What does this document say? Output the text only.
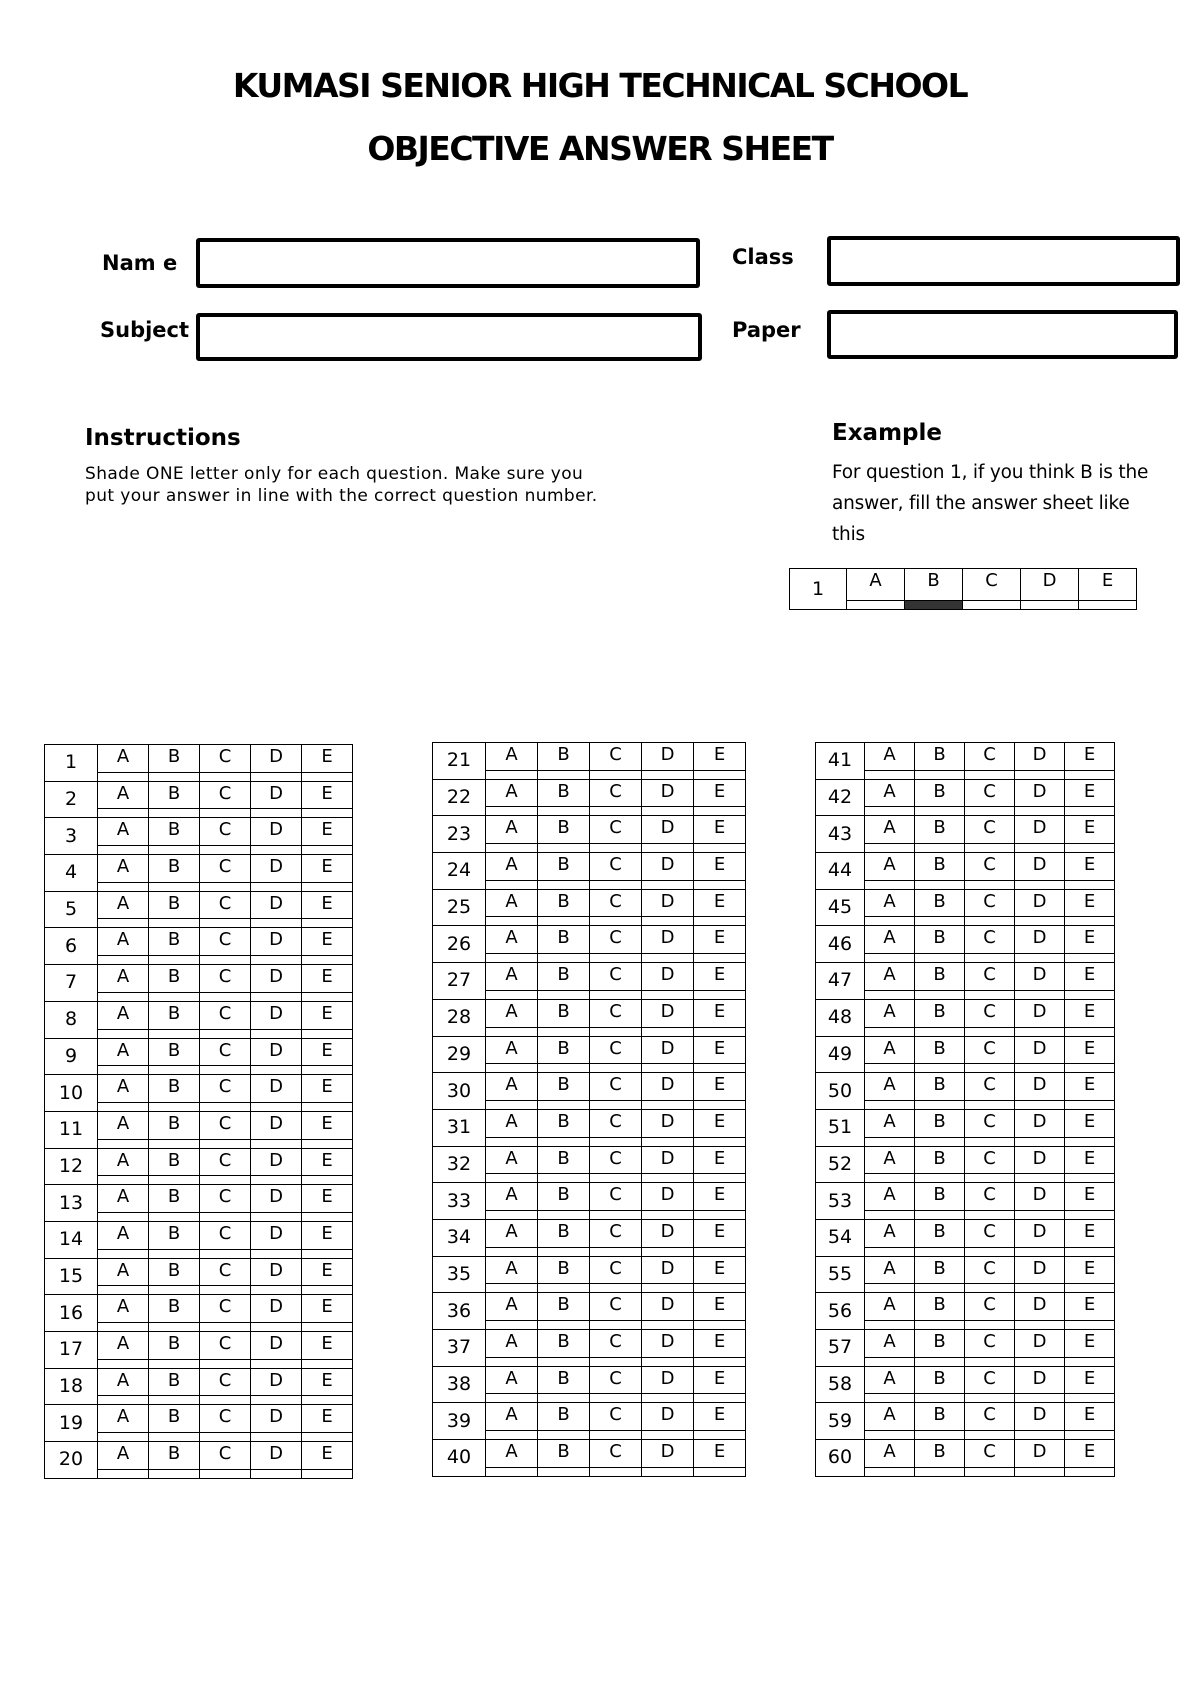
KUMASI SENIOR HIGH TECHNICAL SCHOOL
OBJECTIVE ANSWER SHEET
Nam e	Class
Subject	Paper
Instructions
Shade ONE letter only for each question. Make sure you put your answer in line with the correct question number.
Example
For question 1, if you think B is the answer, fill the answer sheet like this
1	A	B	C	D	E

1	A	B	C	D	E

2	A	B	C	D	E

3	A	B	C	D	E

4	A	B	C	D	E

5	A	B	C	D	E

6	A	B	C	D	E

7	A	B	C	D	E

8	A	B	C	D	E

9	A	B	C	D	E

10	A	B	C	D	E

11	A	B	C	D	E

12	A	B	C	D	E

13	A	B	C	D	E

14	A	B	C	D	E

15	A	B	C	D	E

16	A	B	C	D	E

17	A	B	C	D	E

18	A	B	C	D	E

19	A	B	C	D	E

20	A	B	C	D	E

21	A	B	C	D	E

22	A	B	C	D	E

23	A	B	C	D	E

24	A	B	C	D	E

25	A	B	C	D	E

26	A	B	C	D	E

27	A	B	C	D	E

28	A	B	C	D	E

29	A	B	C	D	E

30	A	B	C	D	E

31	A	B	C	D	E

32	A	B	C	D	E

33	A	B	C	D	E

34	A	B	C	D	E

35	A	B	C	D	E

36	A	B	C	D	E

37	A	B	C	D	E

38	A	B	C	D	E

39	A	B	C	D	E

40	A	B	C	D	E

41	A	B	C	D	E

42	A	B	C	D	E

43	A	B	C	D	E

44	A	B	C	D	E

45	A	B	C	D	E

46	A	B	C	D	E

47	A	B	C	D	E

48	A	B	C	D	E

49	A	B	C	D	E

50	A	B	C	D	E

51	A	B	C	D	E

52	A	B	C	D	E

53	A	B	C	D	E

54	A	B	C	D	E

55	A	B	C	D	E

56	A	B	C	D	E

57	A	B	C	D	E

58	A	B	C	D	E

59	A	B	C	D	E

60	A	B	C	D	E
